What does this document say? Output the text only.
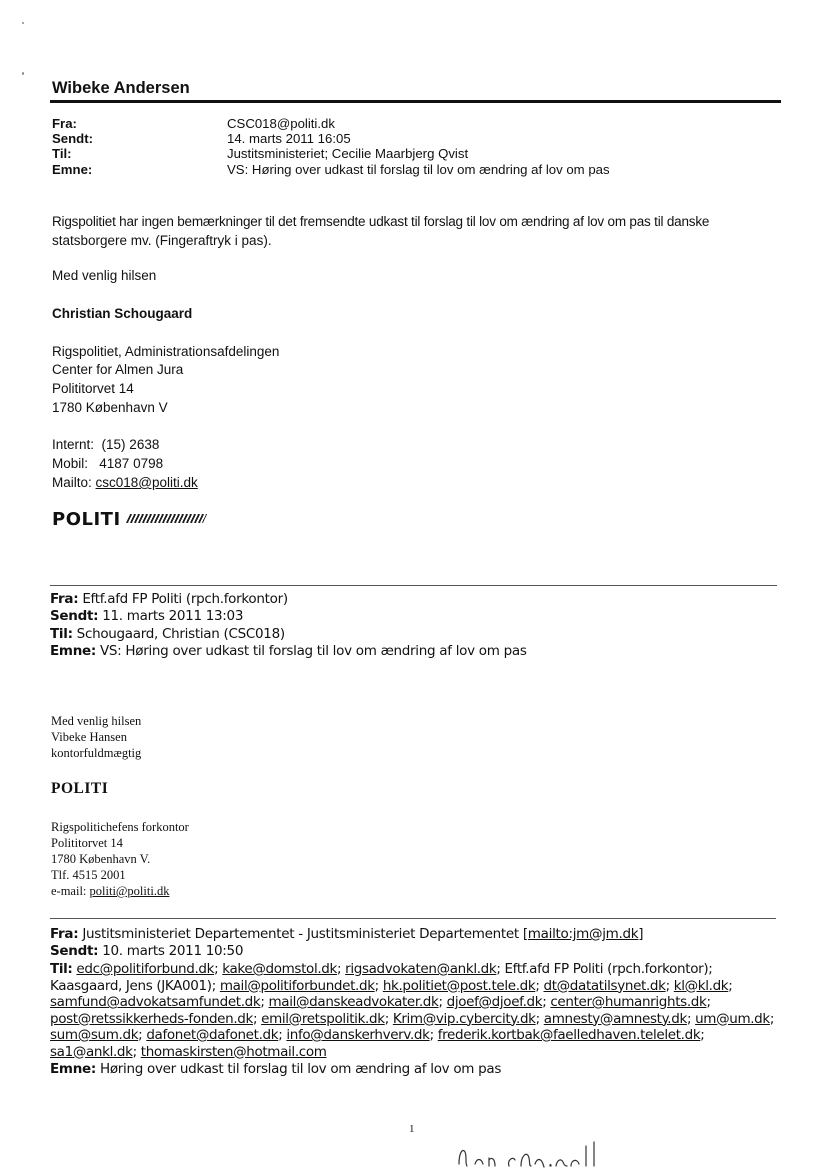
Wibeke Andersen
Fra:	CSC018@politi.dk
Sendt:	14. marts 2011 16:05
Til:	Justitsministeriet; Cecilie Maarbjerg Qvist
Emne:	VS: Høring over udkast til forslag til lov om ændring af lov om pas
Rigspolitiet har ingen bemærkninger til det fremsendte udkast til forslag til lov om ændring af lov om pas til danske
statsborgere mv. (Fingeraftryk i pas).
Med venlig hilsen
Christian Schougaard
Rigspolitiet, Administrationsafdelingen
Center for Almen Jura
Polititorvet 14
1780 København V
Internt: (15) 2638
Mobil: 4187 0798
Mailto: csc018@politi.dk
POLITI
Fra: Eftf.afd FP Politi (rpch.forkontor)
Sendt: 11. marts 2011 13:03
Til: Schougaard, Christian (CSC018)
Emne: VS: Høring over udkast til forslag til lov om ændring af lov om pas
Med venlig hilsen
Vibeke Hansen
kontorfuldmægtig
POLITI
Rigspolitichefens forkontor
Polititorvet 14
1780 København V.
Tlf. 4515 2001
e-mail: politi@politi.dk
Fra: Justitsministeriet Departementet - Justitsministeriet Departementet [mailto:jm@jm.dk]
Sendt: 10. marts 2011 10:50
Til: edc@politiforbund.dk; kake@domstol.dk; rigsadvokaten@ankl.dk; Eftf.afd FP Politi (rpch.forkontor); Kaasgaard, Jens (JKA001); mail@politiforbundet.dk; hk.politiet@post.tele.dk; dt@datatilsynet.dk; kl@kl.dk; samfund@advokatsamfundet.dk; mail@danskeadvokater.dk; djoef@djoef.dk; center@humanrights.dk; post@retssikkerheds-fonden.dk; emil@retspolitik.dk; Krim@vip.cybercity.dk; amnesty@amnesty.dk; um@um.dk; sum@sum.dk; dafonet@dafonet.dk; info@danskerhverv.dk; frederik.kortbak@faelledhaven.telelet.dk; sa1@ankl.dk; thomaskirsten@hotmail.com
Emne: Høring over udkast til forslag til lov om ændring af lov om pas
1
